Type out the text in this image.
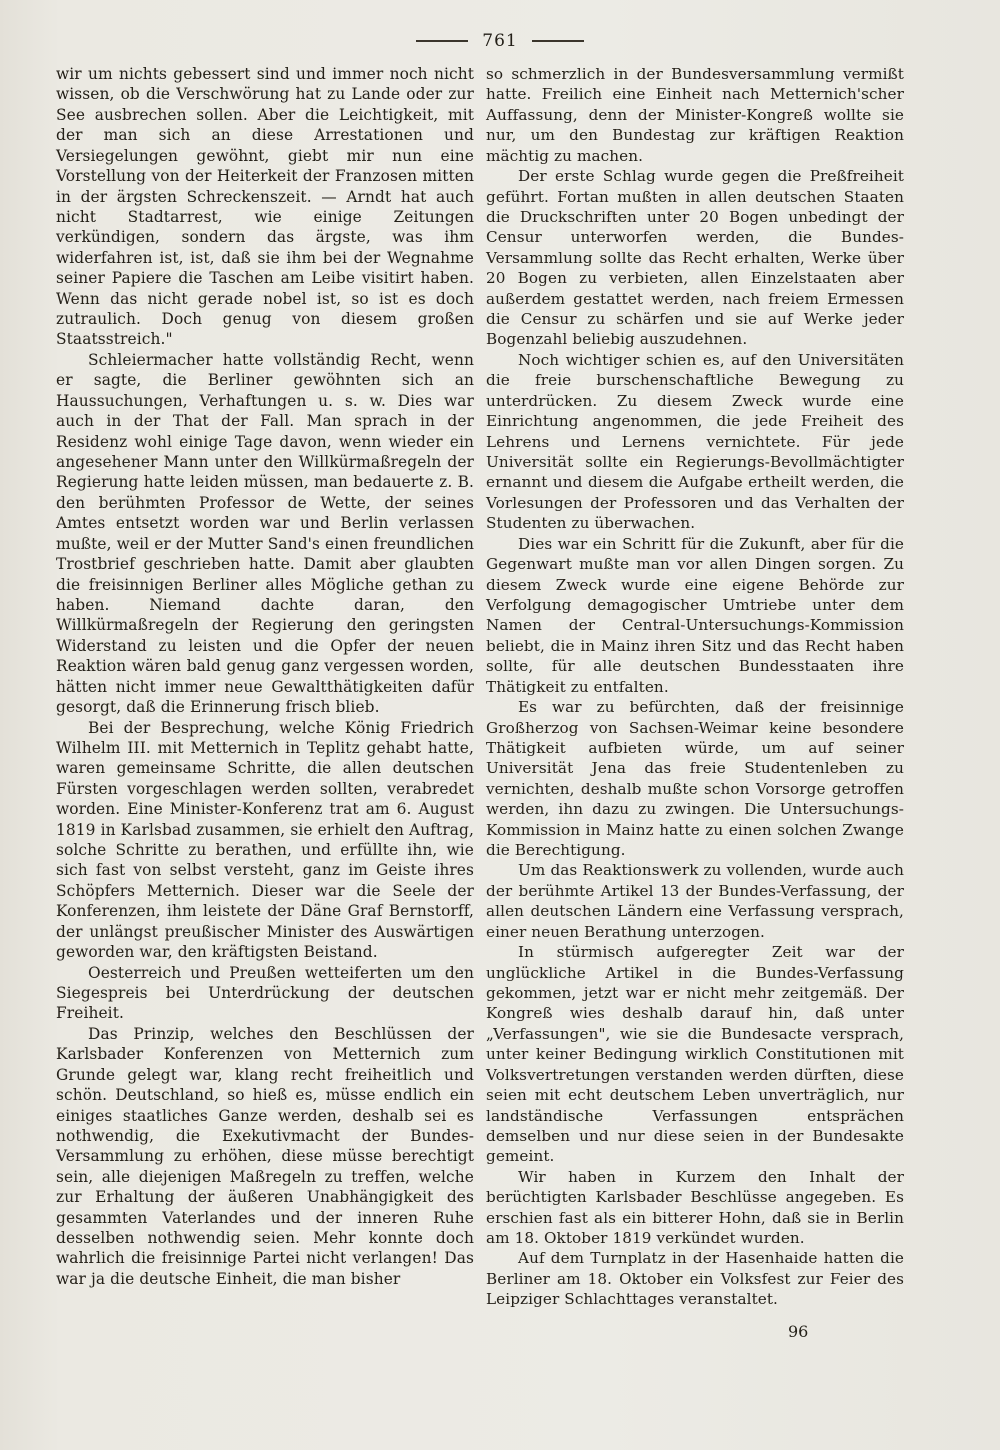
761

wir um nichts gebessert sind und immer noch nicht wissen, ob die Verschwörung hat zu Lande oder zur See ausbrechen sollen. Aber die Leichtigkeit, mit der man sich an diese Arrestationen und Versiegelungen gewöhnt, giebt mir nun eine Vorstellung von der Heiterkeit der Franzosen mitten in der ärgsten Schreckenszeit. — Arndt hat auch nicht Stadtarrest, wie einige Zeitungen verkündigen, sondern das ärgste, was ihm widerfahren ist, ist, daß sie ihm bei der Wegnahme seiner Papiere die Taschen am Leibe visitirt haben. Wenn das nicht gerade nobel ist, so ist es doch zutraulich. Doch genug von diesem großen Staatsstreich."

Schleiermacher hatte vollständig Recht, wenn er sagte, die Berliner gewöhnten sich an Haussuchungen, Verhaftungen u. s. w. Dies war auch in der That der Fall. Man sprach in der Residenz wohl einige Tage davon, wenn wieder ein angesehener Mann unter den Willkürmaßregeln der Regierung hatte leiden müssen, man bedauerte z. B. den berühmten Professor de Wette, der seines Amtes entsetzt worden war und Berlin verlassen mußte, weil er der Mutter Sand's einen freundlichen Trostbrief geschrieben hatte. Damit aber glaubten die freisinnigen Berliner alles Mögliche gethan zu haben. Niemand dachte daran, den Willkürmaßregeln der Regierung den geringsten Widerstand zu leisten und die Opfer der neuen Reaktion wären bald genug ganz vergessen worden, hätten nicht immer neue Gewaltthätigkeiten dafür gesorgt, daß die Erinnerung frisch blieb.

Bei der Besprechung, welche König Friedrich Wilhelm III. mit Metternich in Teplitz gehabt hatte, waren gemeinsame Schritte, die allen deutschen Fürsten vorgeschlagen werden sollten, verabredet worden. Eine Minister-Konferenz trat am 6. August 1819 in Karlsbad zusammen, sie erhielt den Auftrag, solche Schritte zu berathen, und erfüllte ihn, wie sich fast von selbst versteht, ganz im Geiste ihres Schöpfers Metternich. Dieser war die Seele der Konferenzen, ihm leistete der Däne Graf Bernstorff, der unlängst preußischer Minister des Auswärtigen geworden war, den kräftigsten Beistand.

Oesterreich und Preußen wetteiferten um den Siegespreis bei Unterdrückung der deutschen Freiheit.

Das Prinzip, welches den Beschlüssen der Karlsbader Konferenzen von Metternich zum Grunde gelegt war, klang recht freiheitlich und schön. Deutschland, so hieß es, müsse endlich ein einiges staatliches Ganze werden, deshalb sei es nothwendig, die Exekutivmacht der Bundes-Versammlung zu erhöhen, diese müsse berechtigt sein, alle diejenigen Maßregeln zu treffen, welche zur Erhaltung der äußeren Unabhängigkeit des gesammten Vaterlandes und der inneren Ruhe desselben nothwendig seien. Mehr konnte doch wahrlich die freisinnige Partei nicht verlangen! Das war ja die deutsche Einheit, die man bisher

so schmerzlich in der Bundesversammlung vermißt hatte. Freilich eine Einheit nach Metternich'scher Auffassung, denn der Minister-Kongreß wollte sie nur, um den Bundestag zur kräftigen Reaktion mächtig zu machen.

Der erste Schlag wurde gegen die Preßfreiheit geführt. Fortan mußten in allen deutschen Staaten die Druckschriften unter 20 Bogen unbedingt der Censur unterworfen werden, die Bundes-Versammlung sollte das Recht erhalten, Werke über 20 Bogen zu verbieten, allen Einzelstaaten aber außerdem gestattet werden, nach freiem Ermessen die Censur zu schärfen und sie auf Werke jeder Bogenzahl beliebig auszudehnen.

Noch wichtiger schien es, auf den Universitäten die freie burschenschaftliche Bewegung zu unterdrücken. Zu diesem Zweck wurde eine Einrichtung angenommen, die jede Freiheit des Lehrens und Lernens vernichtete. Für jede Universität sollte ein Regierungs-Bevollmächtigter ernannt und diesem die Aufgabe ertheilt werden, die Vorlesungen der Professoren und das Verhalten der Studenten zu überwachen.

Dies war ein Schritt für die Zukunft, aber für die Gegenwart mußte man vor allen Dingen sorgen. Zu diesem Zweck wurde eine eigene Behörde zur Verfolgung demagogischer Umtriebe unter dem Namen der Central-Untersuchungs-Kommission beliebt, die in Mainz ihren Sitz und das Recht haben sollte, für alle deutschen Bundesstaaten ihre Thätigkeit zu entfalten.

Es war zu befürchten, daß der freisinnige Großherzog von Sachsen-Weimar keine besondere Thätigkeit aufbieten würde, um auf seiner Universität Jena das freie Studentenleben zu vernichten, deshalb mußte schon Vorsorge getroffen werden, ihn dazu zu zwingen. Die Untersuchungs-Kommission in Mainz hatte zu einen solchen Zwange die Berechtigung.

Um das Reaktionswerk zu vollenden, wurde auch der berühmte Artikel 13 der Bundes-Verfassung, der allen deutschen Ländern eine Verfassung versprach, einer neuen Berathung unterzogen.

In stürmisch aufgeregter Zeit war der unglückliche Artikel in die Bundes-Verfassung gekommen, jetzt war er nicht mehr zeitgemäß. Der Kongreß wies deshalb darauf hin, daß unter „Verfassungen", wie sie die Bundesacte versprach, unter keiner Bedingung wirklich Constitutionen mit Volksvertretungen verstanden werden dürften, diese seien mit echt deutschem Leben unverträglich, nur landständische Verfassungen entsprächen demselben und nur diese seien in der Bundesakte gemeint.

Wir haben in Kurzem den Inhalt der berüchtigten Karlsbader Beschlüsse angegeben. Es erschien fast als ein bitterer Hohn, daß sie in Berlin am 18. Oktober 1819 verkündet wurden.

Auf dem Turnplatz in der Hasenhaide hatten die Berliner am 18. Oktober ein Volksfest zur Feier des Leipziger Schlachttages veranstaltet.

96
